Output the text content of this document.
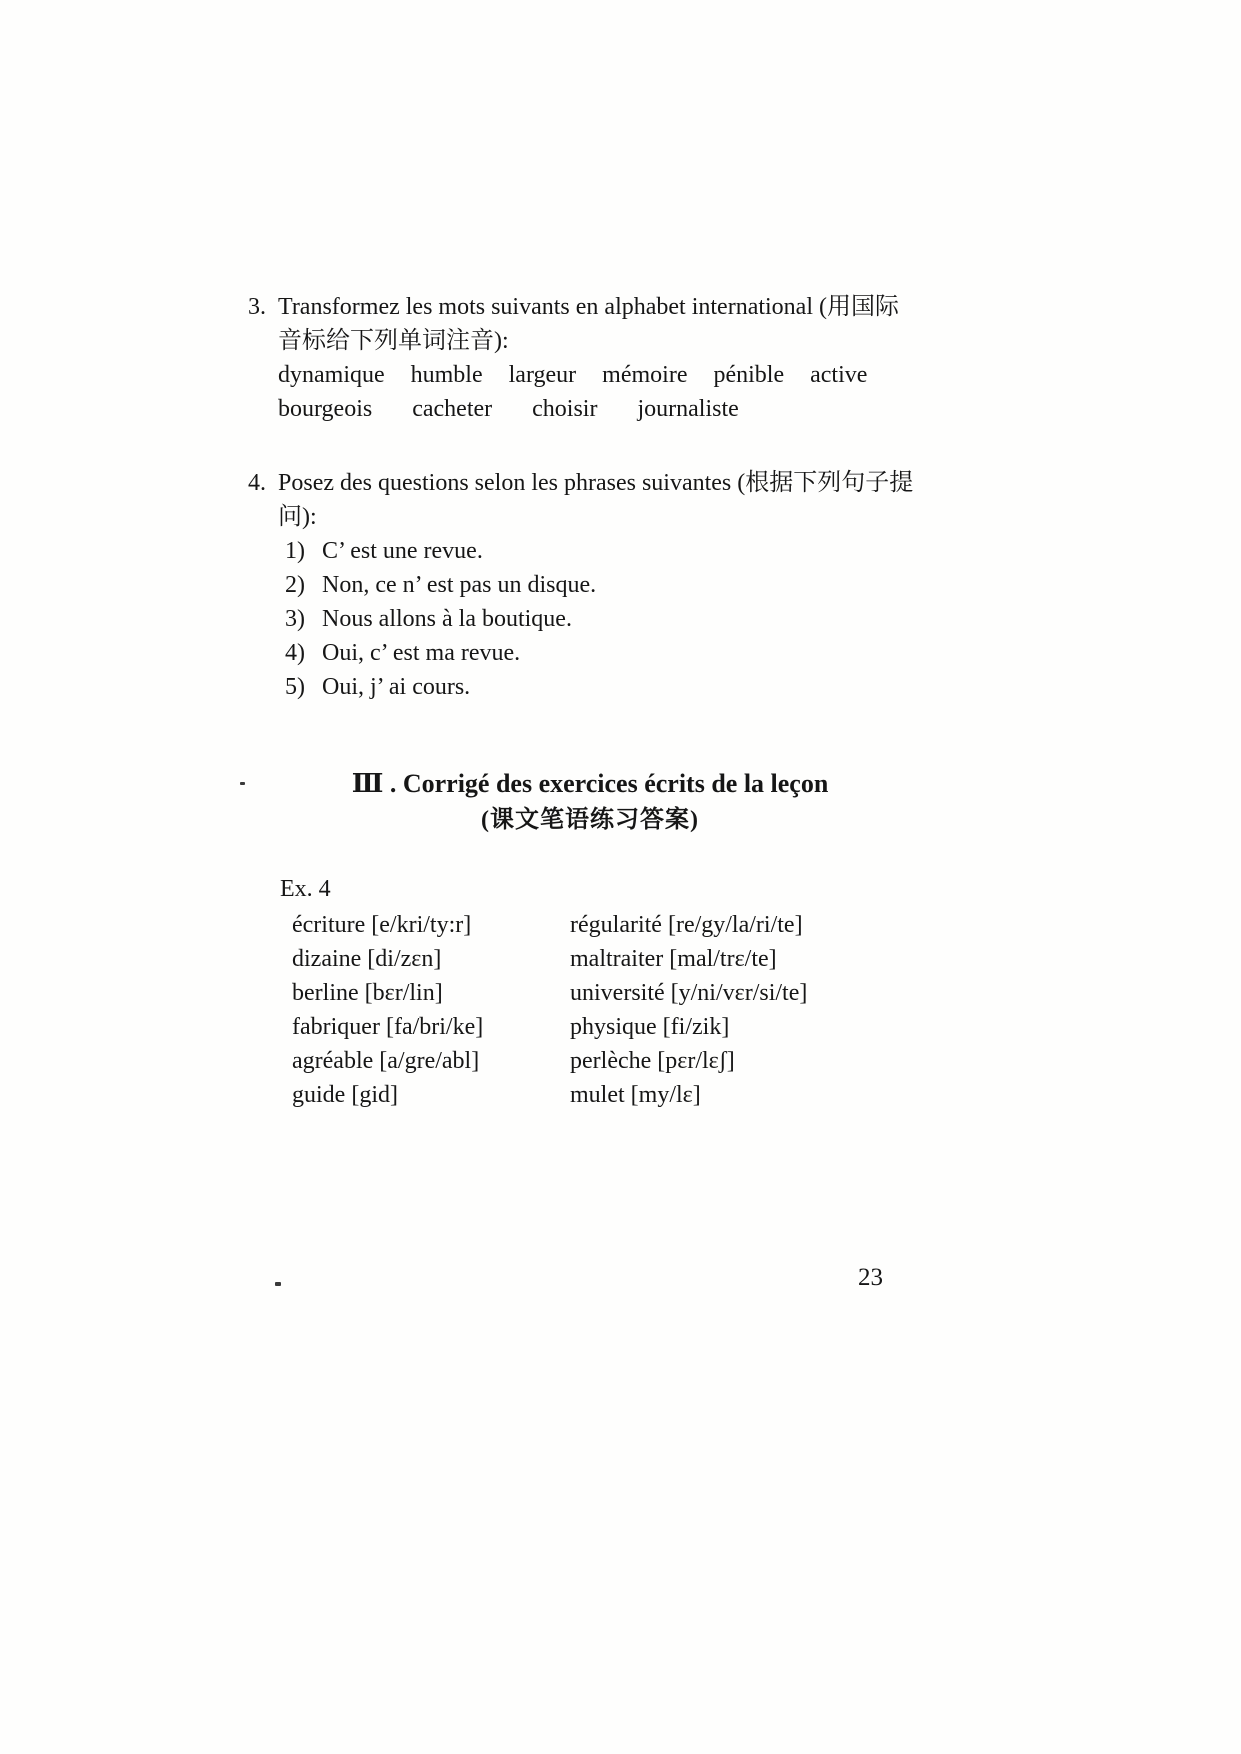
3. Transformez les mots suivants en alphabet international (用国际
音标给下列单词注音):
dynamique humble largeur mémoire pénible active
bourgeois cacheter choisir journaliste
4. Posez des questions selon les phrases suivantes (根据下列句子提
问):
1) C’ est une revue.
2) Non, ce n’ est pas un disque.
3) Nous allons à la boutique.
4) Oui, c’ est ma revue.
5) Oui, j’ ai cours.
Ⅲ . Corrigé des exercices écrits de la leçon
(课文笔语练习答案)
Ex. 4
écriture [e/kri/ty:r]	régularité [re/gy/la/ri/te]
dizaine [di/zɛn]	maltraiter [mal/trɛ/te]
berline [bɛr/lin]	université [y/ni/vɛr/si/te]
fabriquer [fa/bri/ke]	physique [fi/zik]
agréable [a/gre/abl]	perlèche [pɛr/lɛʃ]
guide [gid]	mulet [my/lɛ]
23
